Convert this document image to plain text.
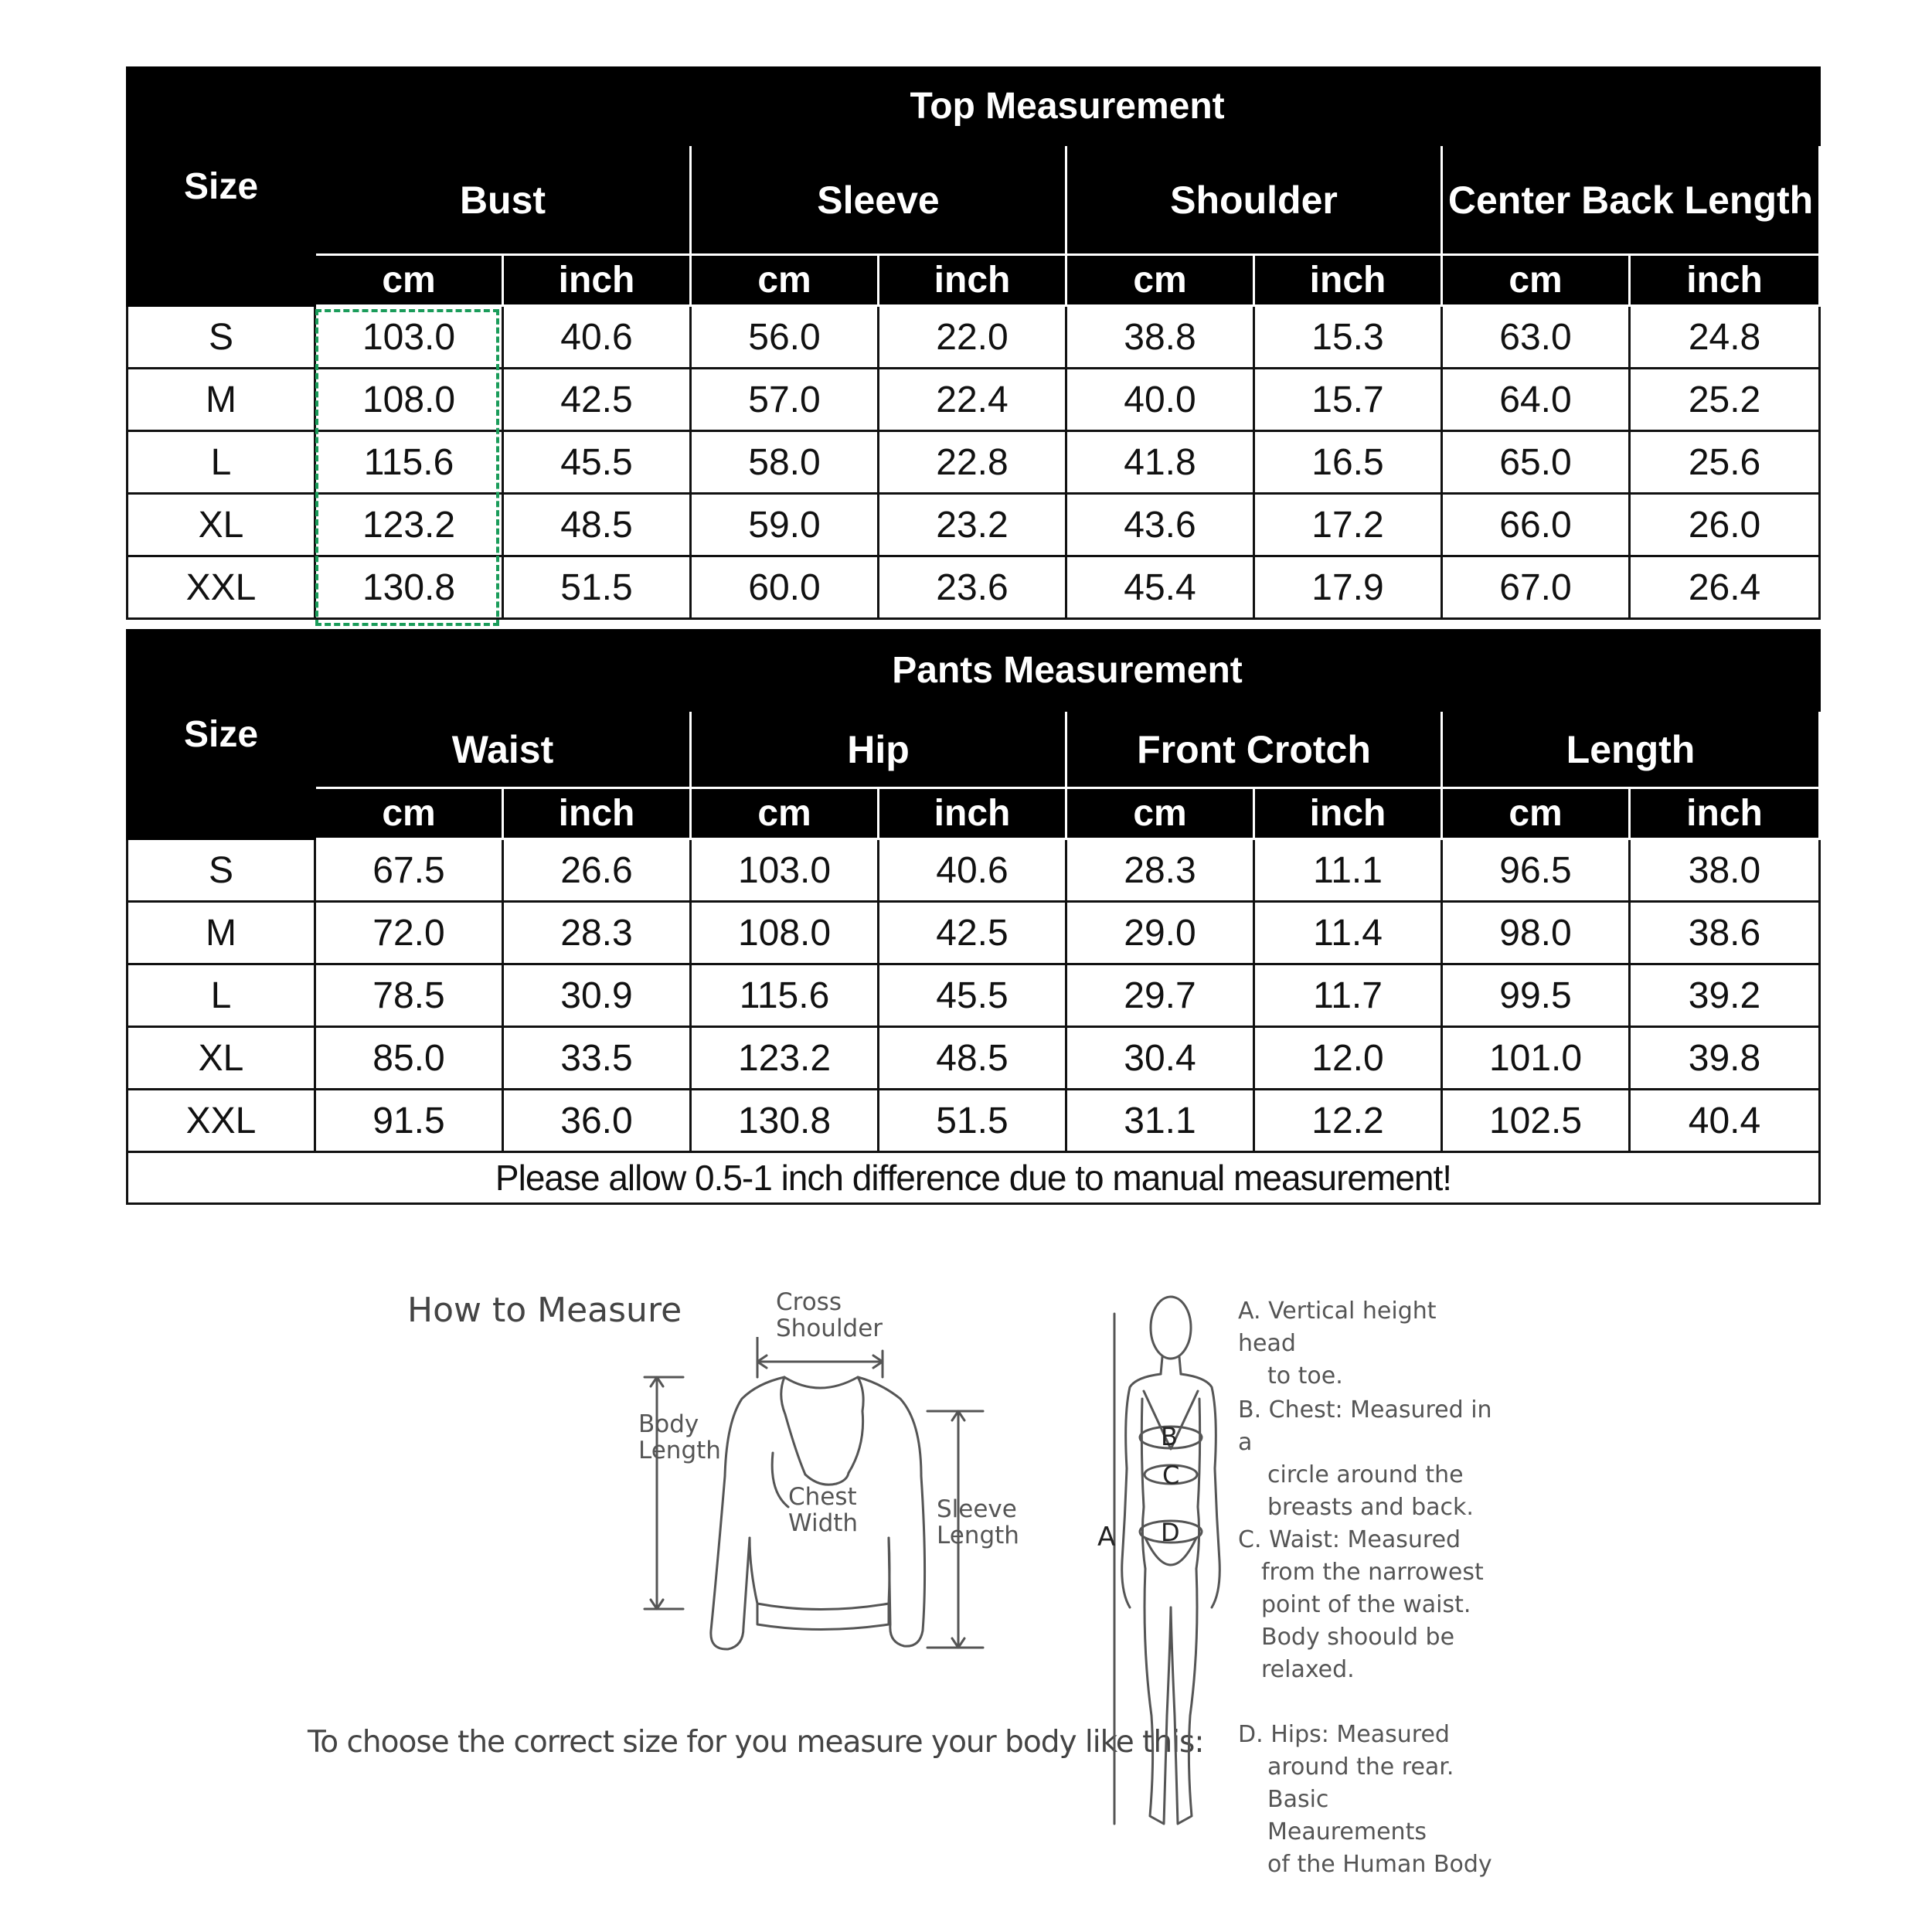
Size	Top Measurement							
	Bust		Sleeve		Shoulder		Center Back Length	
	cm	inch	cm	inch	cm	inch	cm	inch
S	103.0	40.6	56.0	22.0	38.8	15.3	63.0	24.8
M	108.0	42.5	57.0	22.4	40.0	15.7	64.0	25.2
L	115.6	45.5	58.0	22.8	41.8	16.5	65.0	25.6
XL	123.2	48.5	59.0	23.2	43.6	17.2	66.0	26.0
XXL	130.8	51.5	60.0	23.6	45.4	17.9	67.0	26.4
Size	Pants Measurement							
	Waist		Hip		Front Crotch		Length	
	cm	inch	cm	inch	cm	inch	cm	inch
S	67.5	26.6	103.0	40.6	28.3	11.1	96.5	38.0
M	72.0	28.3	108.0	42.5	29.0	11.4	98.0	38.6
L	78.5	30.9	115.6	45.5	29.7	11.7	99.5	39.2
XL	85.0	33.5	123.2	48.5	30.4	12.0	101.0	39.8
XXL	91.5	36.0	130.8	51.5	31.1	12.2	102.5	40.4
Please allow 0.5-1 inch difference due to manual measurement!								
How to Measure
To choose the correct size for you measure your body like this:
Cross
Shoulder
Body
Length
Chest
Width	Sleeve
Length	A
B
C
D
A. Vertical height head
to toe.
B. Chest: Measured in a
circle around the
breasts and back.
C. Waist: Measured
from the narrowest
point of the waist.
Body shoould be
relaxed.
D. Hips: Measured
around the rear.
Basic Meaurements
of the Human Body
